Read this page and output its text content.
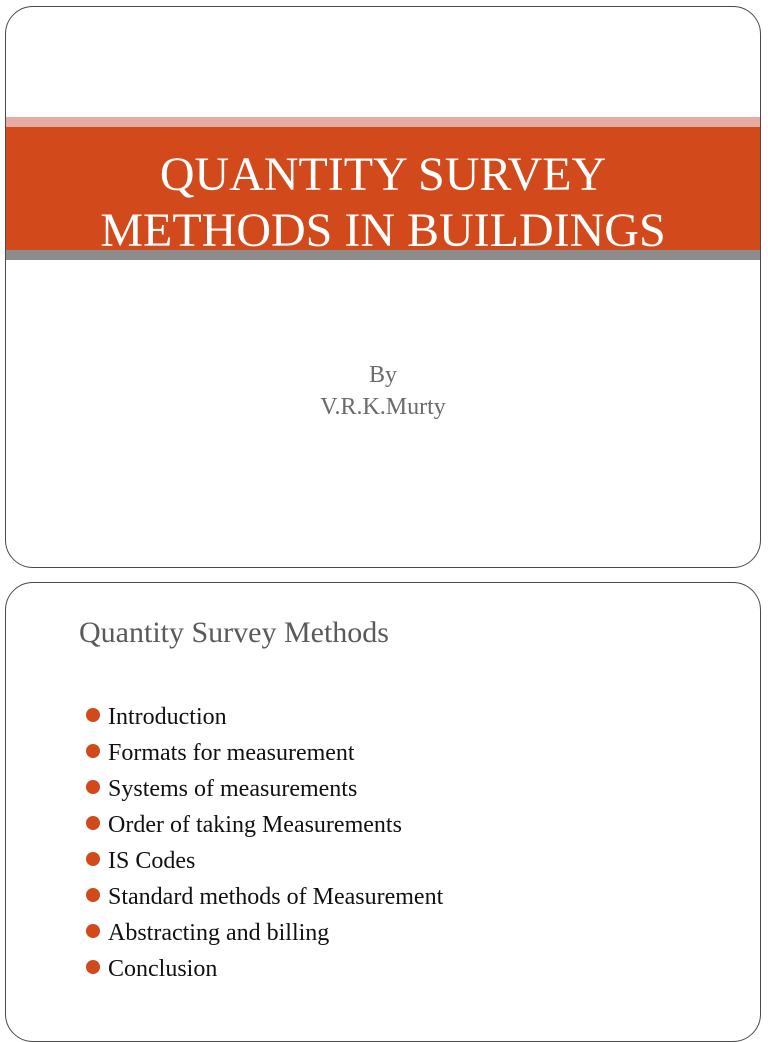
QUANTITY SURVEY
METHODS IN BUILDINGS
By
V.R.K.Murty
Quantity Survey Methods
Introduction
Formats for measurement
Systems of measurements
Order of taking Measurements
IS Codes
Standard methods of Measurement
Abstracting and billing
Conclusion
